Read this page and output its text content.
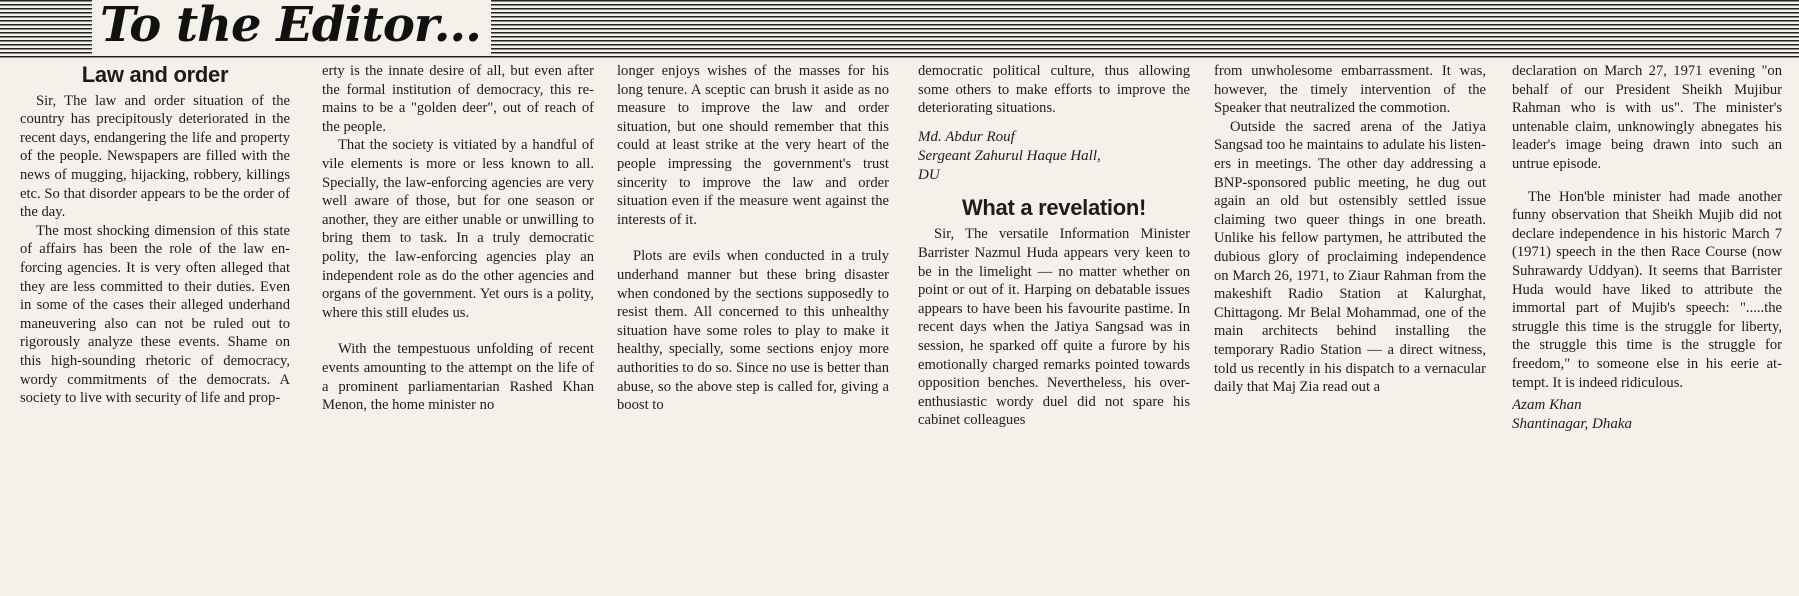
To the Editor...
Law and order

Sir, The law and order situation of the country has precipitously deteriorated in the recent days, endangering the life and property of the people. Newspapers are filled with the news of mugging, hijacking, robbery, killings etc. So that disorder appears to be the order of the day.

The most shocking dimension of this state of affairs has been the role of the law enforcing agencies. It is very often alleged that they are less committed to their duties. Even in some of the cases their alleged underhand maneuvering also can not be ruled out to rigorously analyze these events. Shame on this high-sounding rhetoric of democracy, wordy commitments of the democrats. A society to live with security of life and prop-

erty is the innate desire of all, but even after the formal institution of democracy, this remains to be a "golden deer", out of reach of the people.

That the society is vitiated by a handful of vile elements is more or less known to all. Specially, the law-enforcing agencies are very well aware of those, but for one season or another, they are either unable or unwilling to bring them to task. In a truly democratic polity, the law-enforcing agencies play an independent role as do the other agencies and organs of the government. Yet ours is a polity, where this still eludes us.

With the tempestuous unfolding of recent events amounting to the attempt on the life of a prominent parliamentarian Rashed Khan Menon, the home minister no

longer enjoys wishes of the masses for his long tenure. A sceptic can brush it aside as no measure to improve the law and order situation, but one should remember that this could at least strike at the very heart of the people impressing the government's trust sincerity to improve the law and order situation even if the measure went against the interests of it.

Plots are evils when conducted in a truly underhand manner but these bring disaster when condoned by the sections supposedly to resist them. All concerned to this unhealthy situation have some roles to play to make it healthy, specially, some sections enjoy more authorities to do so. Since no use is better than abuse, so the above step is called for, giving a boost to

democratic political culture, thus allowing some others to make efforts to improve the deteriorating situations.

Md. Abdur Rouf

Sergeant Zahurul Haque Hall,

DU

What a revelation!

Sir, The versatile Information Minister Barrister Nazmul Huda appears very keen to be in the limelight — no matter whether on point or out of it. Harping on debatable issues appears to have been his favourite pastime. In recent days when the Jatiya Sangsad was in session, he sparked off quite a furore by his emotionally charged remarks pointed towards opposition benches. Nevertheless, his over-enthusiastic wordy duel did not spare his cabinet colleagues

from unwholesome embarrassment. It was, however, the timely intervention of the Speaker that neutralized the commotion.

Outside the sacred arena of the Jatiya Sangsad too he maintains to adulate his listeners in meetings. The other day addressing a BNP-sponsored public meeting, he dug out again an old but ostensibly settled issue claiming two queer things in one breath. Unlike his fellow partymen, he attributed the dubious glory of proclaiming independence on March 26, 1971, to Ziaur Rahman from the makeshift Radio Station at Kalurghat, Chittagong. Mr Belal Mohammad, one of the main architects behind installing the temporary Radio Station — a direct witness, told us recently in his dispatch to a vernacular daily that Maj Zia read out a

declaration on March 27, 1971 evening "on behalf of our President Sheikh Mujibur Rahman who is with us". The minister's untenable claim, unknowingly abnegates his leader's image being drawn into such an untrue episode.

The Hon'ble minister had made another funny observation that Sheikh Mujib did not declare independence in his historic March 7 (1971) speech in the then Race Course (now Suhrawardy Uddyan). It seems that Barrister Huda would have liked to attribute the immortal part of Mujib's speech: ".....the struggle this time is the struggle for liberty, the struggle this time is the struggle for freedom," to someone else in his eerie attempt. It is indeed ridiculous.

Azam Khan

Shantinagar, Dhaka
